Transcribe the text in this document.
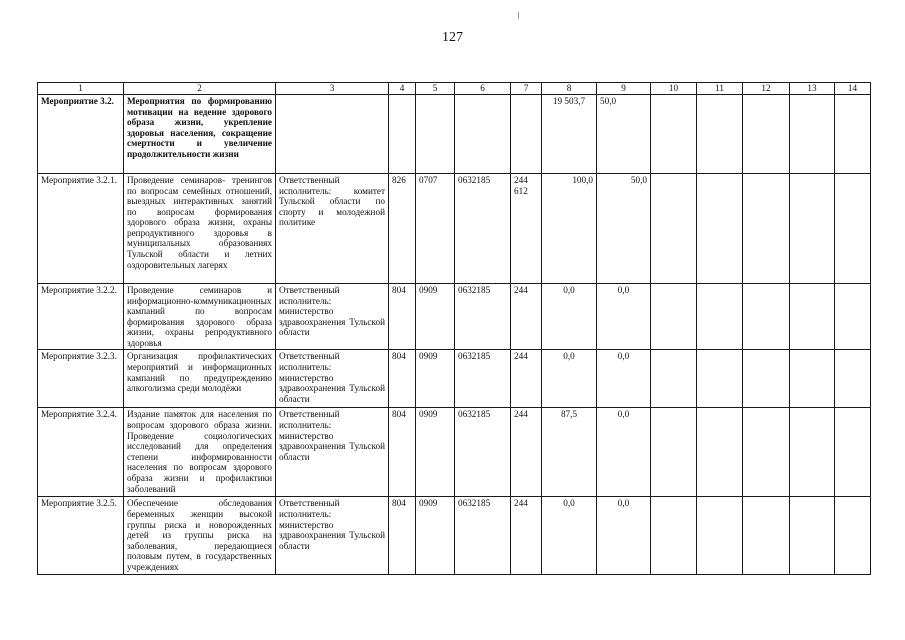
127
1	2	3	4	5	6	7	8	9	10	11	12	13	14
Мероприятие 3.2.	Мероприятия по формированию мотивации на ведение здорового образа жизни, укрепление здоровья населения, сокращение смертности и увеличение продолжительности жизни						19 503,7	50,0					
Мероприятие 3.2.1.	Проведение семинаров- тренингов по вопросам семейных отношений, выездных интерактивных занятий по вопросам формирования здорового образа жизни, охраны репродуктивного здоровья в муниципальных образованиях Тульской области и летних оздоровительных лагерях	Ответственный исполнитель: комитет Тульской области по спорту и молодежной политике	826	0707	0632185	244 612	100,0	50,0					
Мероприятие 3.2.2.	Проведение семинаров и информационно-коммуникационных кампаний по вопросам формирования здорового образа жизни, охраны репродуктивного здоровья	Ответственный исполнитель: министерство здравоохранения Тульской области	804	0909	0632185	244	0,0	0,0					
Мероприятие 3.2.3.	Организация профилактических мероприятий и информационных кампаний по предупреждению алкоголизма среди молодёжи	Ответственный исполнитель: министерство здравоохранения Тульской области	804	0909	0632185	244	0,0	0,0					
Мероприятие 3.2.4.	Издание памяток для населения по вопросам здорового образа жизни. Проведение социологических исследований для определения степени информированности населения по вопросам здорового образа жизни и профилактики заболеваний	Ответственный исполнитель: министерство здравоохранения Тульской области	804	0909	0632185	244	87,5	0,0					
Мероприятие 3.2.5.	Обеспечение обследования беременных женщин высокой группы риска и новорожденных детей из группы риска на заболевания, передающиеся половым путем, в государственных учреждениях	Ответственный исполнитель: министерство здравоохранения Тульской области	804	0909	0632185	244	0,0	0,0					
